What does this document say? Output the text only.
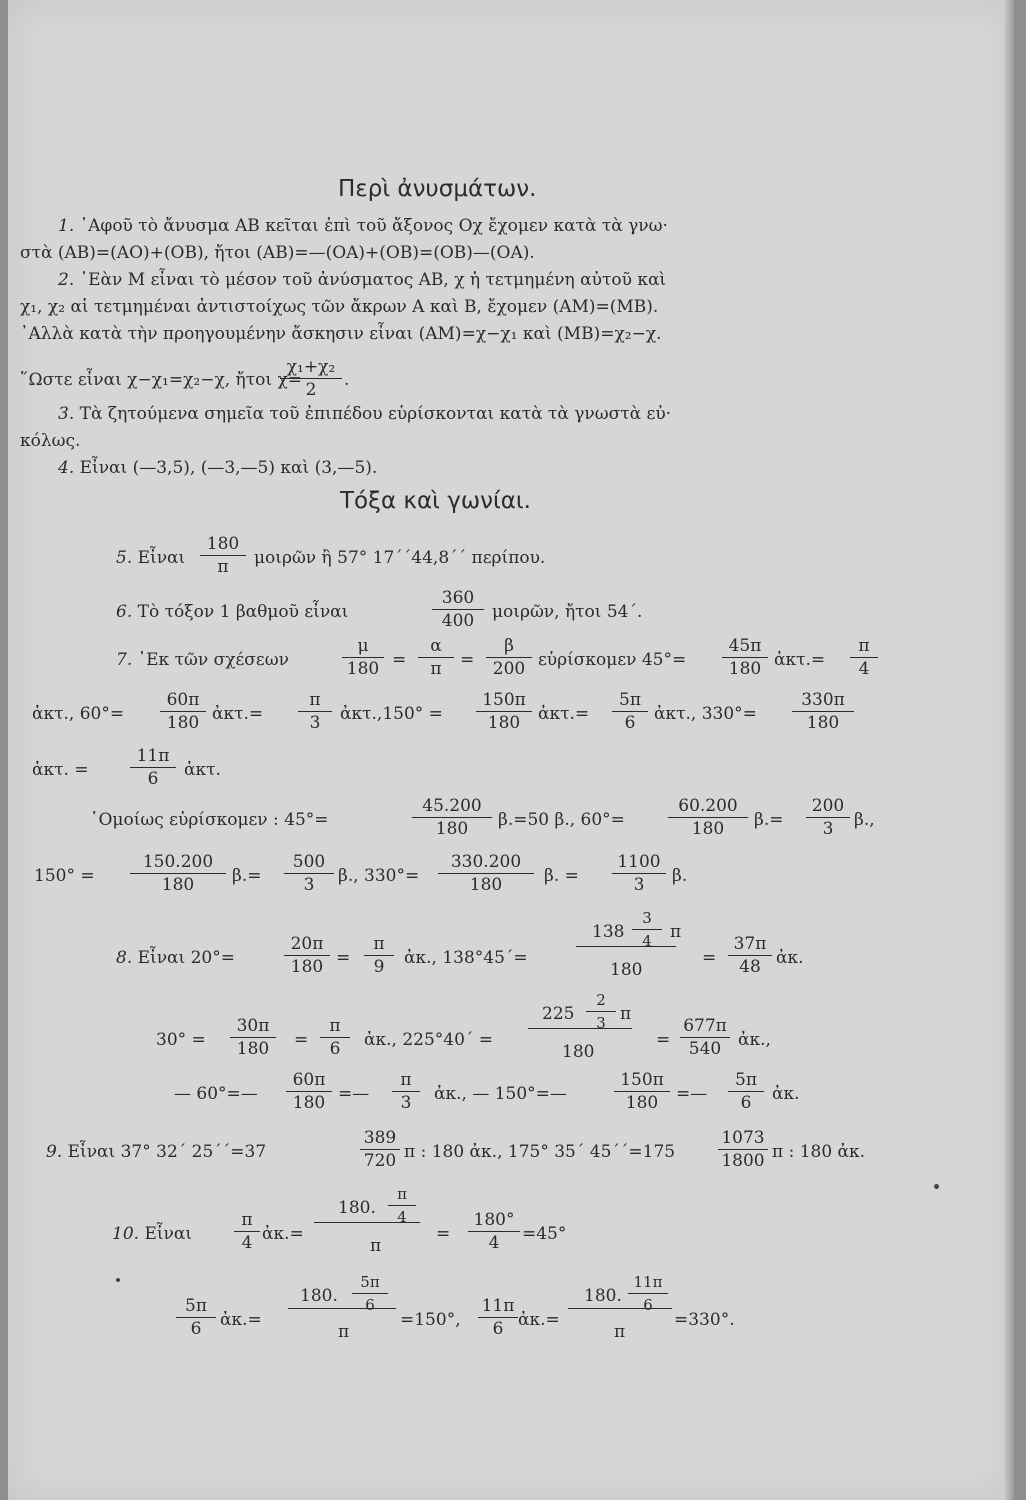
Περὶ ἀνυσμάτων.
1. ᾿Αφοῦ τὸ ἄνυσμα ΑΒ κεῖται ἐπὶ τοῦ ἄξονος Οχ ἔχομεν κατὰ τὰ γνω·
στὰ (ΑΒ)=(ΑΟ)+(ΟΒ), ἤτοι (ΑΒ)=—(ΟΑ)+(ΟΒ)=(ΟΒ)—(ΟΑ).
2. ᾿Εὰν Μ εἶναι τὸ μέσον τοῦ ἀνύσματος ΑΒ, χ ἡ τετμημένη αὐτοῦ καὶ
χ₁, χ₂ αἱ τετμημέναι ἀντιστοίχως τῶν ἄκρων Α καὶ Β, ἔχομεν (ΑΜ)=(ΜΒ).
᾿Αλλὰ κατὰ τὴν προηγουμένην ἄσκησιν εἶναι (ΑΜ)=χ−χ₁ καὶ (ΜΒ)=χ₂−χ.
῞Ωστε εἶναι χ−χ₁=χ₂−χ, ἤτοι χ=
$\frac{\text{χ₁+χ₂}}{2}$ .
3. Τὰ ζητούμενα σημεῖα τοῦ ἐπιπέδου εὑρίσκονται κατὰ τὰ γνωστὰ εὐ·
κόλως.
4. Εἶναι (—3,5), (—3,—5) καὶ (3,—5).
Τόξα καὶ γωνίαι.
5. Εἶναι $\frac{180}{\pi}$ μοιρῶν ἢ 57° 17΄΄44,8΄΄ περίπου.
6. Τὸ τόξον 1 βαθμοῦ εἶναι	$\frac{360}{400}$ μοιρῶν, ἤτοι 54΄.
7. ᾿Εκ τῶν σχέσεων	$\frac{\mu}{180} = \frac{\alpha}{\pi} = \frac{\beta}{200}$ εὑρίσκομεν $45^\circ= \frac{45\pi}{180}$ ἀκτ.= $\frac{\pi}{4}$
ἀκτ., $60^\circ= \frac{60\pi}{180}$ ἀκτ.= $\frac{\pi}{3}$ ἀκτ.,150° = $\frac{150\pi}{180}$ ἀκτ.= $\frac{5\pi}{6}$ ἀκτ., $330^\circ= \frac{330\pi}{180}$
ἀκτ. = $\frac{11\pi}{6}$ ἀκτ.
῾Ομοίως εὑρίσκομεν : 45°=	$\frac{45.200}{180} \beta.=50$ β., 60°=	$\frac{60.200}{180} \beta.= \frac{200}{3} \beta$.,
$150^\circ = \frac{150.200}{180} \beta.= \frac{500}{3} \beta$., $330^\circ= \frac{330.200}{180} \beta$. = $\frac{1100}{3} \beta$.
8. Εἶναι 20°=	$\frac{20\pi}{180} = \frac{\pi}{9}$ ἀκ., 138°45΄=
$138 \frac{3}{4}$ π
180
= $\frac{37\pi}{48}$ ἀκ.
$30^\circ = \frac{30\pi}{180} = \frac{\pi}{6}$ ἀκ., 225°40΄ =
$225 \frac{2}{3}$ π
180
= $\frac{677\pi}{540}$ ἀκ.,
— 60°=— $\frac{60\pi}{180}$ =— $\frac{\pi}{3}$ ἀκ., — 150°=—	$\frac{150\pi}{180}$ =— $\frac{5\pi}{6}$ ἀκ.
9. Εἶναι 37° 32΄ 25΄΄=37	$\frac{389}{720}$ π : 180 ἀκ., 175° 35΄ 45΄΄=175	$\frac{1073}{1800}$ π : 180 ἀκ.
10. Εἶναι $\frac{\pi}{4}$ ἀκ.=
180. $\frac{\pi}{4}$
π
= $\frac{180^\circ}{4} =45^\circ$
$\frac{5\pi}{6}$ ἀκ.=
180. $\frac{5\pi}{6}$
π
=150°, $\frac{11\pi}{6}$ ἀκ.=
180. $\frac{11\pi}{6}$
π
=330°.
